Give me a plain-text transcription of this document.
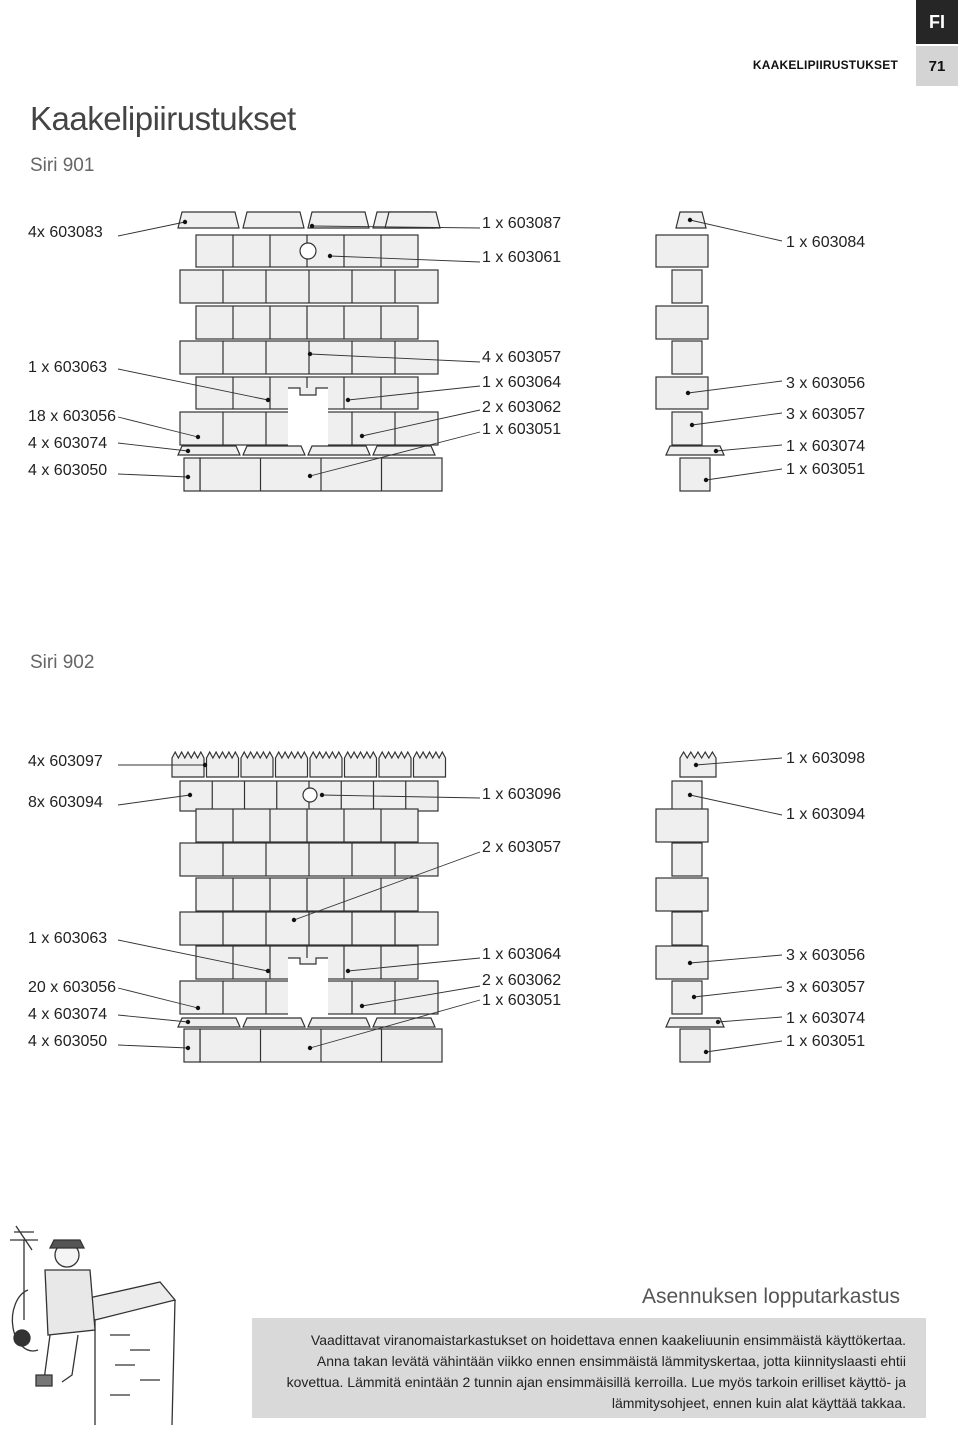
FI
71
KAAKELIPIIRUSTUKSET
Kaakelipiirustukset
Siri 901
Siri 902
4x 603083
1 x 603063
18 x 603056
4 x 603074
4 x 603050
1 x 603087
1 x 603061
4 x 603057
1 x 603064
2 x 603062
1 x 603051
1 x 603084
3 x 603056
3 x 603057
1 x 603074
1 x 603051
4x 603097
8x 603094
1 x 603063
20 x 603056
4 x 603074
4 x 603050
1 x 603096
2 x 603057
1 x 603064
2 x 603062
1 x 603051
1 x 603098
1 x 603094
3 x 603056
3 x 603057
1 x 603074
1 x 603051
Asennuksen lopputarkastus
Vaadittavat viranomaistarkastukset on hoidettava ennen kaakeliuunin ensimmäistä käyttökertaa.
Anna takan levätä vähintään viikko ennen ensimmäistä lämmityskertaa, jotta kiinnityslaasti ehtii
kovettua. Lämmitä enintään 2 tunnin ajan ensimmäisillä kerroilla. Lue myös tarkoin erilliset käyttö- ja
lämmitysohjeet, ennen kuin alat käyttää takkaa.
